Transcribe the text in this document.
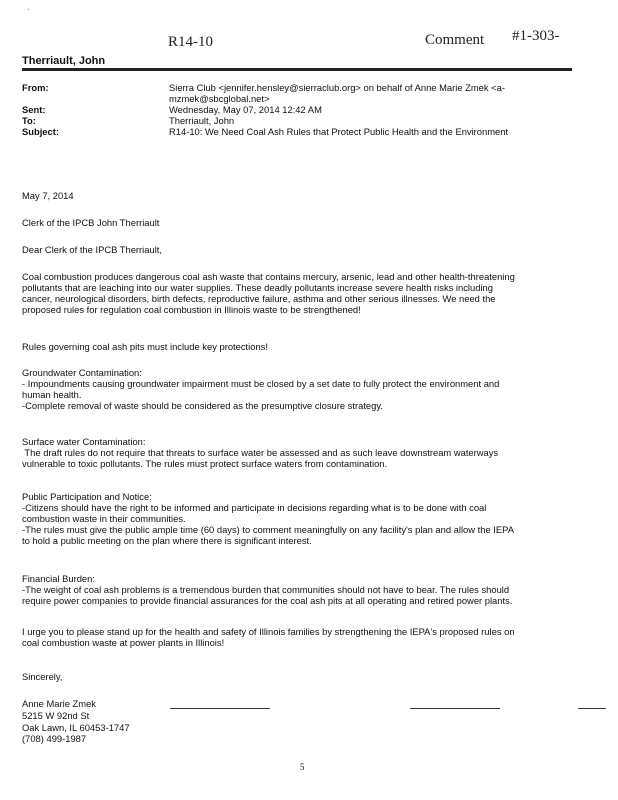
`
R14-10	Comment #1-303-
Therriault, John
From:	Sierra Club <jennifer.hensley@sierraclub.org> on behalf of Anne Marie Zmek <a-
mzmek@sbcglobal.net>
Sent:	Wednesday, May 07, 2014 12:42 AM
To:	Therriault, John
Subject:	R14-10: We Need Coal Ash Rules that Protect Public Health and the Environment
May 7, 2014
Clerk of the IPCB John Therriault
Dear Clerk of the IPCB Therriault,
Coal combustion produces dangerous coal ash waste that contains mercury, arsenic, lead and other health-threatening
pollutants that are leaching into our water supplies. These deadly pollutants increase severe health risks including
cancer, neurological disorders, birth defects, reproductive failure, asthma and other serious illnesses. We need the
proposed rules for regulation coal combustion in Illinois waste to be strengthened!
Rules governing coal ash pits must include key protections!
Groundwater Contamination:
- Impoundments causing groundwater impairment must be closed by a set date to fully protect the environment and
human health.
-Complete removal of waste should be considered as the presumptive closure strategy.
Surface water Contamination:
The draft rules do not require that threats to surface water be assessed and as such leave downstream waterways
vulnerable to toxic pollutants. The rules must protect surface waters from contamination.
Public Participation and Notice:
-Citizens should have the right to be informed and participate in decisions regarding what is to be done with coal
combustion waste in their communities.
-The rules must give the public ample time (60 days) to comment meaningfully on any facility's plan and allow the IEPA
to hold a public meeting on the plan where there is significant interest.
Financial Burden:
-The weight of coal ash problems is a tremendous burden that communities should not have to bear. The rules should
require power companies to provide financial assurances for the coal ash pits at all operating and retired power plants.
I urge you to please stand up for the health and safety of Illinois families by strengthening the IEPA's proposed rules on
coal combustion waste at power plants in Illinois!
Sincerely,
Anne Marie Zmek
5215 W 92nd St
Oak Lawn, IL 60453-1747
(708) 499-1987
5
